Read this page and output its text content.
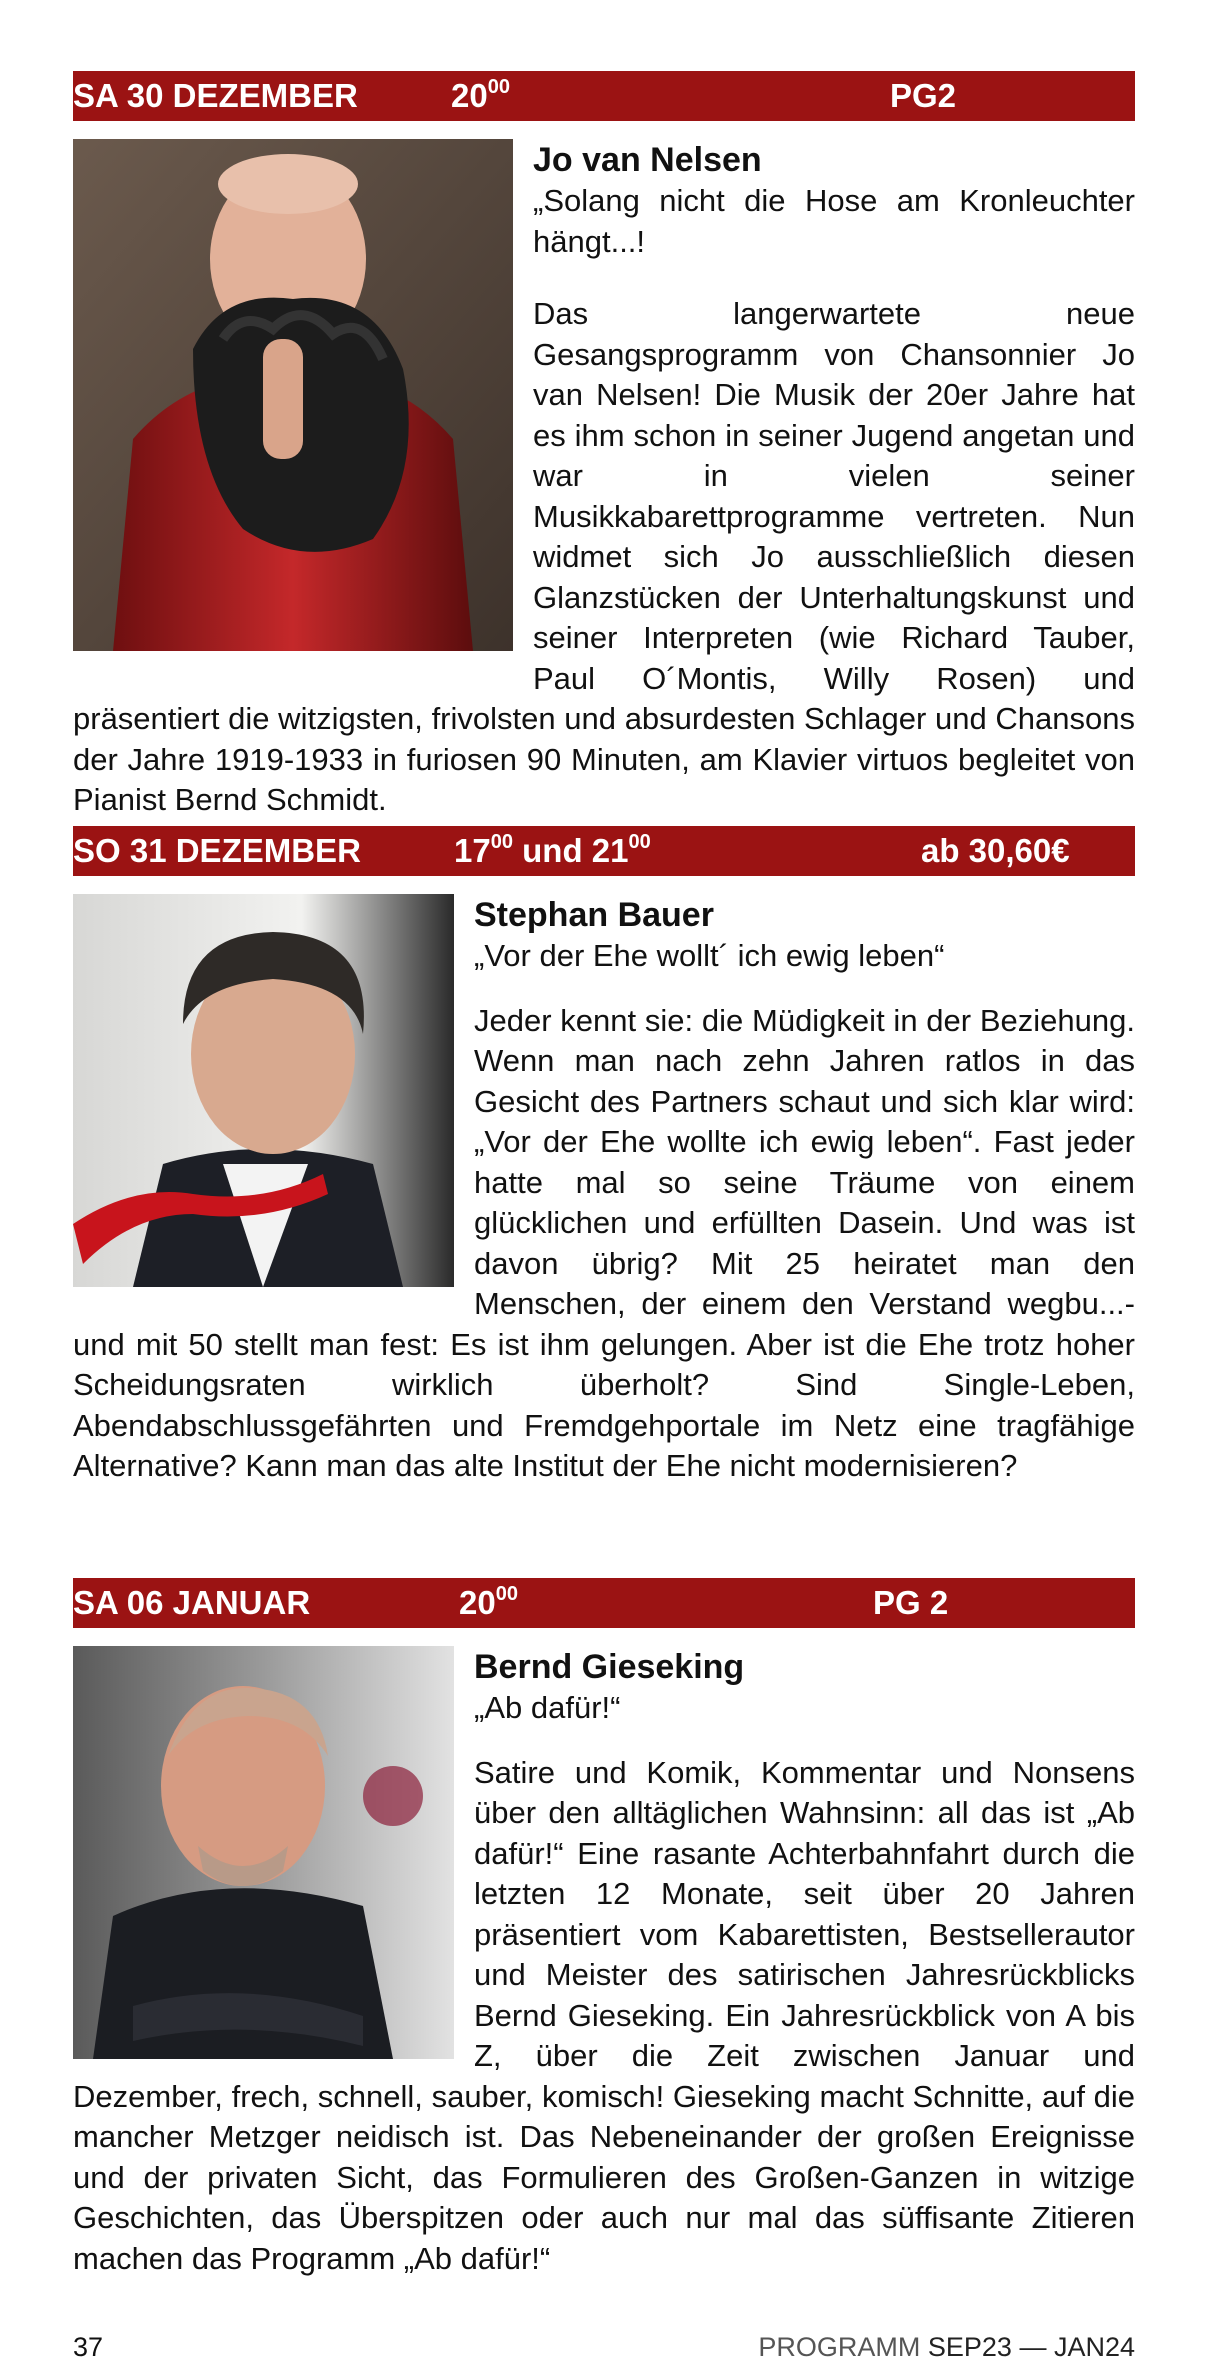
SA 30 DEZEMBER	$20^{00}$	PG2
Jo van Nelsen

„Solang nicht die Hose am Kronleuchter hängt...!

Das langerwartete neue Gesangsprogramm von Chansonnier Jo van Nelsen! Die Musik der 20er Jahre hat es ihm schon in seiner Jugend angetan und war in vielen seiner Musikkabarettprogramme vertreten. Nun widmet sich Jo ausschließlich diesen Glanzstücken der Unterhaltungskunst und seiner Interpreten (wie Richard Tauber, Paul O´Montis, Willy Rosen) und präsentiert die witzigsten, frivolsten und absurdesten Schlager und Chansons der Jahre 1919-1933 in furiosen 90 Minuten, am Klavier virtuos begleitet von Pianist Bernd Schmidt.

SO 31 DEZEMBER	$17^{00}$ und $21^{00}$	ab 30,60€
Stephan Bauer

„Vor der Ehe wollt´ ich ewig leben“

Jeder kennt sie: die Müdigkeit in der Beziehung. Wenn man nach zehn Jahren ratlos in das Gesicht des Partners schaut und sich klar wird: „Vor der Ehe wollte ich ewig leben“. Fast jeder hatte mal so seine Träume von einem glücklichen und erfüllten Dasein. Und was ist davon übrig? Mit 25 heiratet man den Menschen, der einem den Verstand wegbu...-und mit 50 stellt man fest: Es ist ihm gelungen. Aber ist die Ehe trotz hoher Scheidungsraten wirklich überholt? Sind Single-Leben, Abendabschlussgefährten und Fremdgehportale im Netz eine tragfähige Alternative? Kann man das alte Institut der Ehe nicht modernisieren?

SA 06 JANUAR	$20^{00}$	PG 2
Bernd Gieseking

„Ab dafür!“

Satire und Komik, Kommentar und Nonsens über den alltäglichen Wahnsinn: all das ist „Ab dafür!“ Eine rasante Achterbahnfahrt durch die letzten 12 Monate, seit über 20 Jahren präsentiert vom Kabarettisten, Bestsellerautor und Meister des satirischen Jahresrückblicks Bernd Gieseking. Ein Jahresrückblick von A bis Z, über die Zeit zwischen Januar und Dezember, frech, schnell, sauber, komisch! Gieseking macht Schnitte, auf die mancher Metzger neidisch ist. Das Nebeneinander der großen Ereignisse und der privaten Sicht, das Formulieren des Großen-Ganzen in witzige Geschichten, das Überspitzen oder auch nur mal das süffisante Zitieren machen das Programm „Ab dafür!“

37	PROGRAMM SEP23 — JAN24
